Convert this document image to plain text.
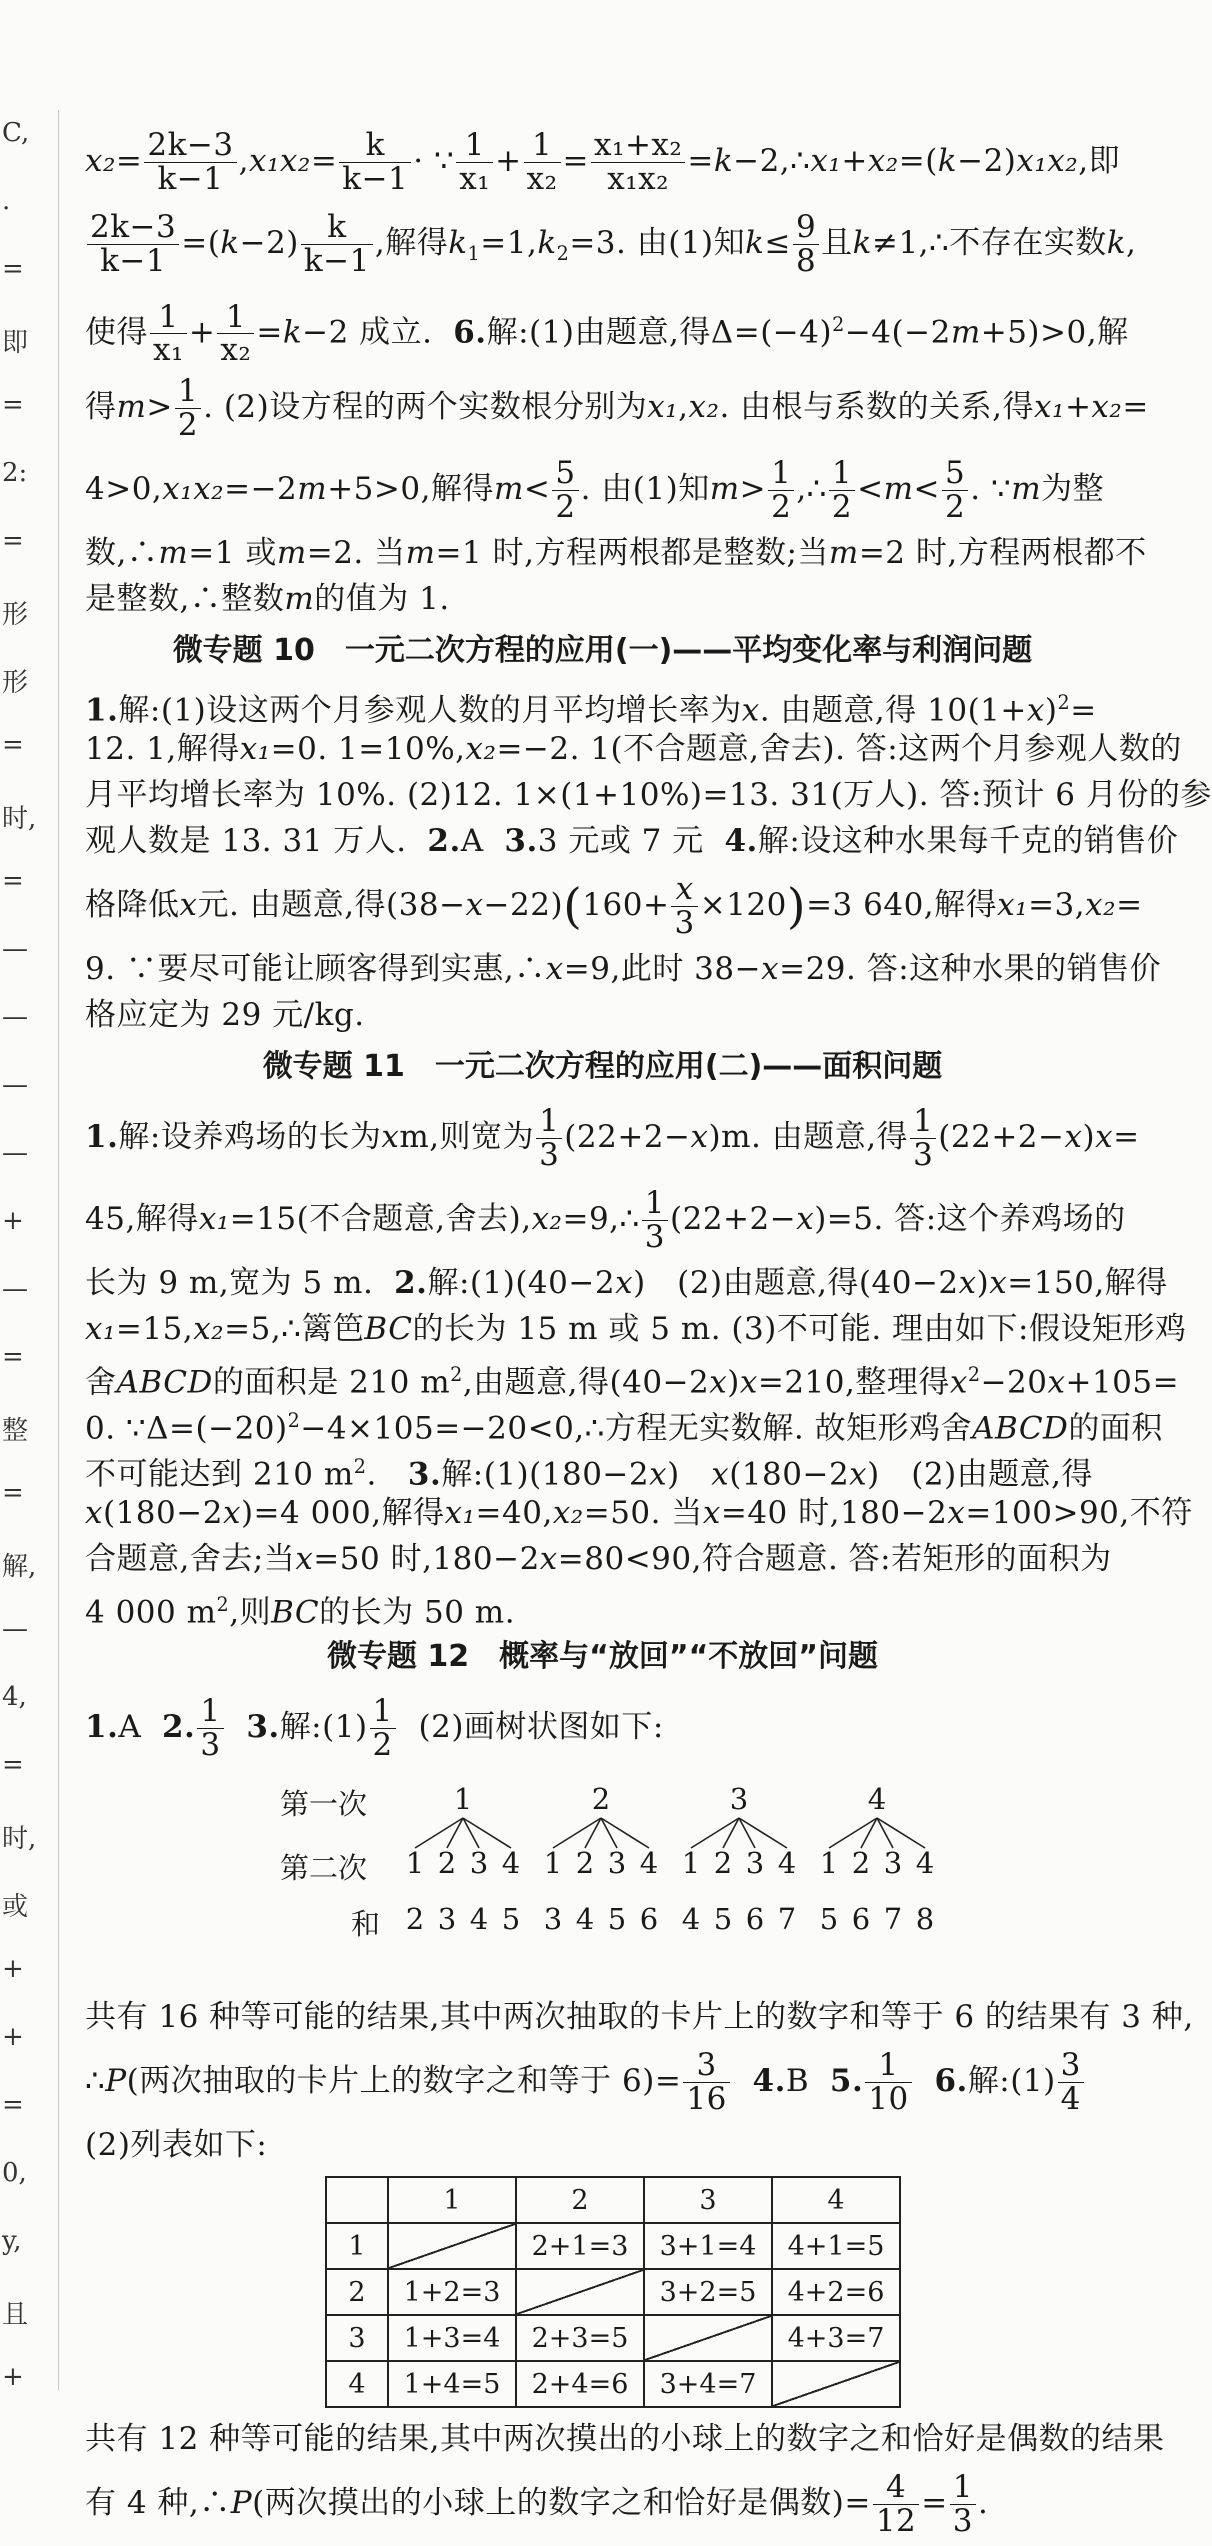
C,
.
=
即
=
2:
=
形
形
=
时,
=
—
—
—
—
+
—
=
整
=
解,
—
4,
=
时,
或
+
+
=
0,
y,
且
+
$x_2= \frac{2k-3}{k-1} ,x_1x_2= \frac{k}{k-1}$ · ∵ $\frac{1}{\text{x₁}} + \frac{1}{\text{x₂}} = \frac{\text{x₁+x₂}}{\text{x₁x₂}}$ =k−2,∴x₁+x₂=(k−2)x₁x₂,即
$\frac{2k-3}{k-1} =(k-2) \frac{k}{k-1}$ ,解得$k_1=1,k_2=3$. 由(1)知$k\le \frac{9}{8}$ 且k≠1,∴不存在实数k,
使得 $\frac{1}{\text{x₁}} + \frac{1}{\text{x₂}} =k-2$ 成立. 6.解:(1)由题意,得$\Delta=(-4)^2-4(-2m+5)>0$,解
得$m> \frac{1}{2}$ . (2)设方程的两个实数根分别为x₁,x₂. 由根与系数的关系,得x₁+x₂=
4>0,x₁x₂=−2m+5>0,解得$m< \frac{5}{2}$ . 由(1)知$m> \frac{1}{2}$ ,∴ $\frac{1}{2} <m< \frac{5}{2}$ . ∵m为整
数,∴m=1 或m=2. 当m=1 时,方程两根都是整数;当m=2 时,方程两根都不
是整数,∴整数m的值为 1.
微专题 10　一元二次方程的应用(一)——平均变化率与利润问题
1.解:(1)设这两个月参观人数的月平均增长率为x. 由题意,得 $10(1+x)^2=$
12. 1,解得x₁=0. 1=10%,x₂=−2. 1(不合题意,舍去). 答:这两个月参观人数的
月平均增长率为 10%. (2)12. 1×(1+10%)=13. 31(万人). 答:预计 6 月份的参
观人数是 13. 31 万人. 2.A 3.3 元或 7 元 4.解:设这种水果每千克的销售价
格降低x元. 由题意,得$(38-x-22)(160+ \frac{x}{3} \times 120)=3$ 640,解得x₁=3,x₂=
9. ∵要尽可能让顾客得到实惠,∴x=9,此时 38−x=29. 答:这种水果的销售价
格应定为 29 元/kg.
微专题 11　一元二次方程的应用(二)——面积问题
1.解:设养鸡场的长为xm,则宽为 $\frac{1}{3} (22+2-x)m$. 由题意,得 $\frac{1}{3} (22+2-x)x=$
45,解得x₁=15(不合题意,舍去),x₂=9,∴ $\frac{1}{3} (22+2-x)=5$. 答:这个养鸡场的
长为 9 m,宽为 5 m. 2.解:(1)(40−2x)　(2)由题意,得(40−2x)x=150,解得
x₁=15,x₂=5,∴篱笆BC的长为 15 m 或 5 m. (3)不可能. 理由如下:假设矩形鸡
舍ABCD的面积是 210 $m^2$,由题意,得(40−2x)x=210,整理得$x^2-20x+105=$
0. $\because\Delta=(-20)^2-4\times 105=-20<0,\therefore$方程无实数解. 故矩形鸡舍ABCD的面积
不可能达到 210 $m^2$. 3.解:(1)(180−2x)　x(180−2x)　(2)由题意,得
x(180−2x)=4 000,解得x₁=40,x₂=50. 当x=40 时,180−2x=100>90,不符
合题意,舍去;当x=50 时,180−2x=80<90,符合题意. 答:若矩形的面积为
4 000 $m^2$,则BC的长为 50 m.
微专题 12　概率与“放回”“不放回”问题
1.A 2. $\frac{1}{3} 3$.解:(1) $\frac{1}{2} (2)$画树状图如下:
第一次
第二次
和
1
1
2
2
3
3
4
4
5
2
1
3
2
4
3
5
4
6
3
1
4
2
5
3
6
4
7
4
1
5
2
6
3
7
4
8
共有 16 种等可能的结果,其中两次抽取的卡片上的数字和等于 6 的结果有 3 种,
∴P(两次抽取的卡片上的数字之和等于 $6)= \frac{3}{16} 4.B$ 5. $\frac{1}{10} 6$.解:(1) $\frac{3}{4}$
(2)列表如下:
	1	2	3	4
1		2+1=3	3+1=4	4+1=5
2	1+2=3		3+2=5	4+2=6
3	1+3=4	2+3=5		4+3=7
4	1+4=5	2+4=6	3+4=7	
共有 12 种等可能的结果,其中两次摸出的小球上的数字之和恰好是偶数的结果
有 4 种,∴P(两次摸出的小球上的数字之和恰好是偶数)= $\frac{4}{12} = \frac{1}{3}$ .
